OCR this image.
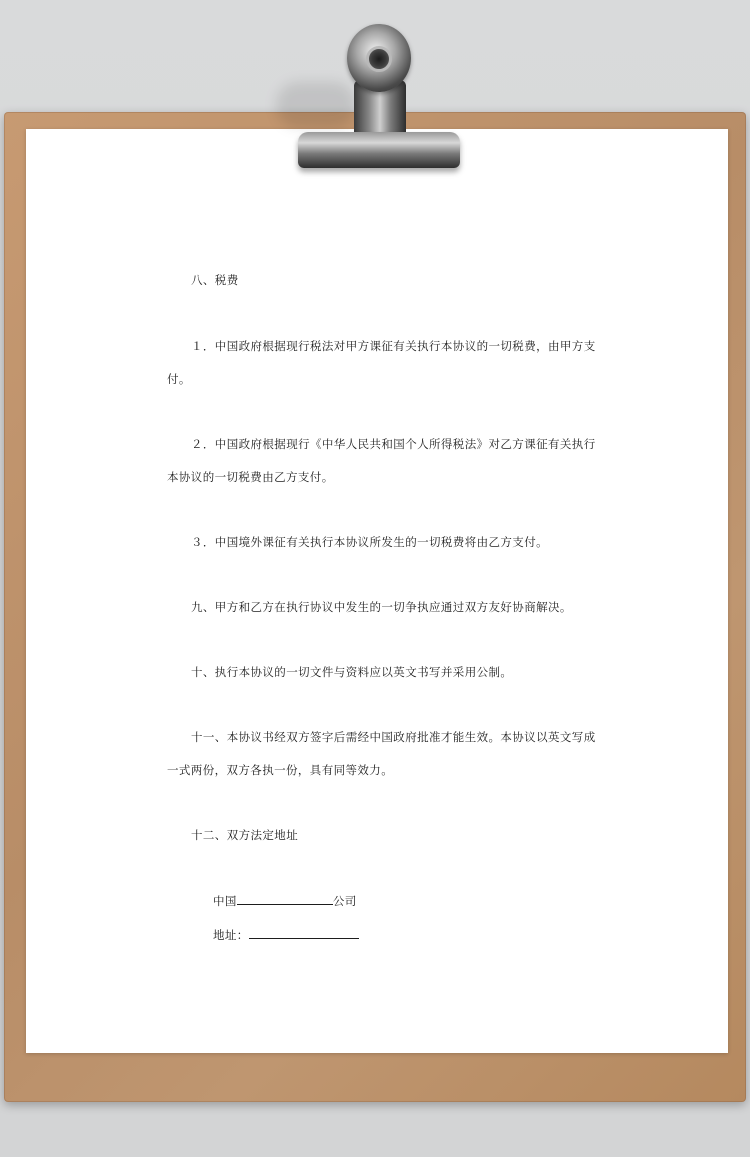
八、税费
１．中国政府根据现行税法对甲方课征有关执行本协议的一切税费，由甲方支
付。
２．中国政府根据现行《中华人民共和国个人所得税法》对乙方课征有关执行
本协议的一切税费由乙方支付。
３．中国境外课征有关执行本协议所发生的一切税费将由乙方支付。
九、甲方和乙方在执行协议中发生的一切争执应通过双方友好协商解决。
十、执行本协议的一切文件与资料应以英文书写并采用公制。
十一、本协议书经双方签字后需经中国政府批准才能生效。本协议以英文写成
一式两份，双方各执一份，具有同等效力。
十二、双方法定地址
中国	公司
地址：
